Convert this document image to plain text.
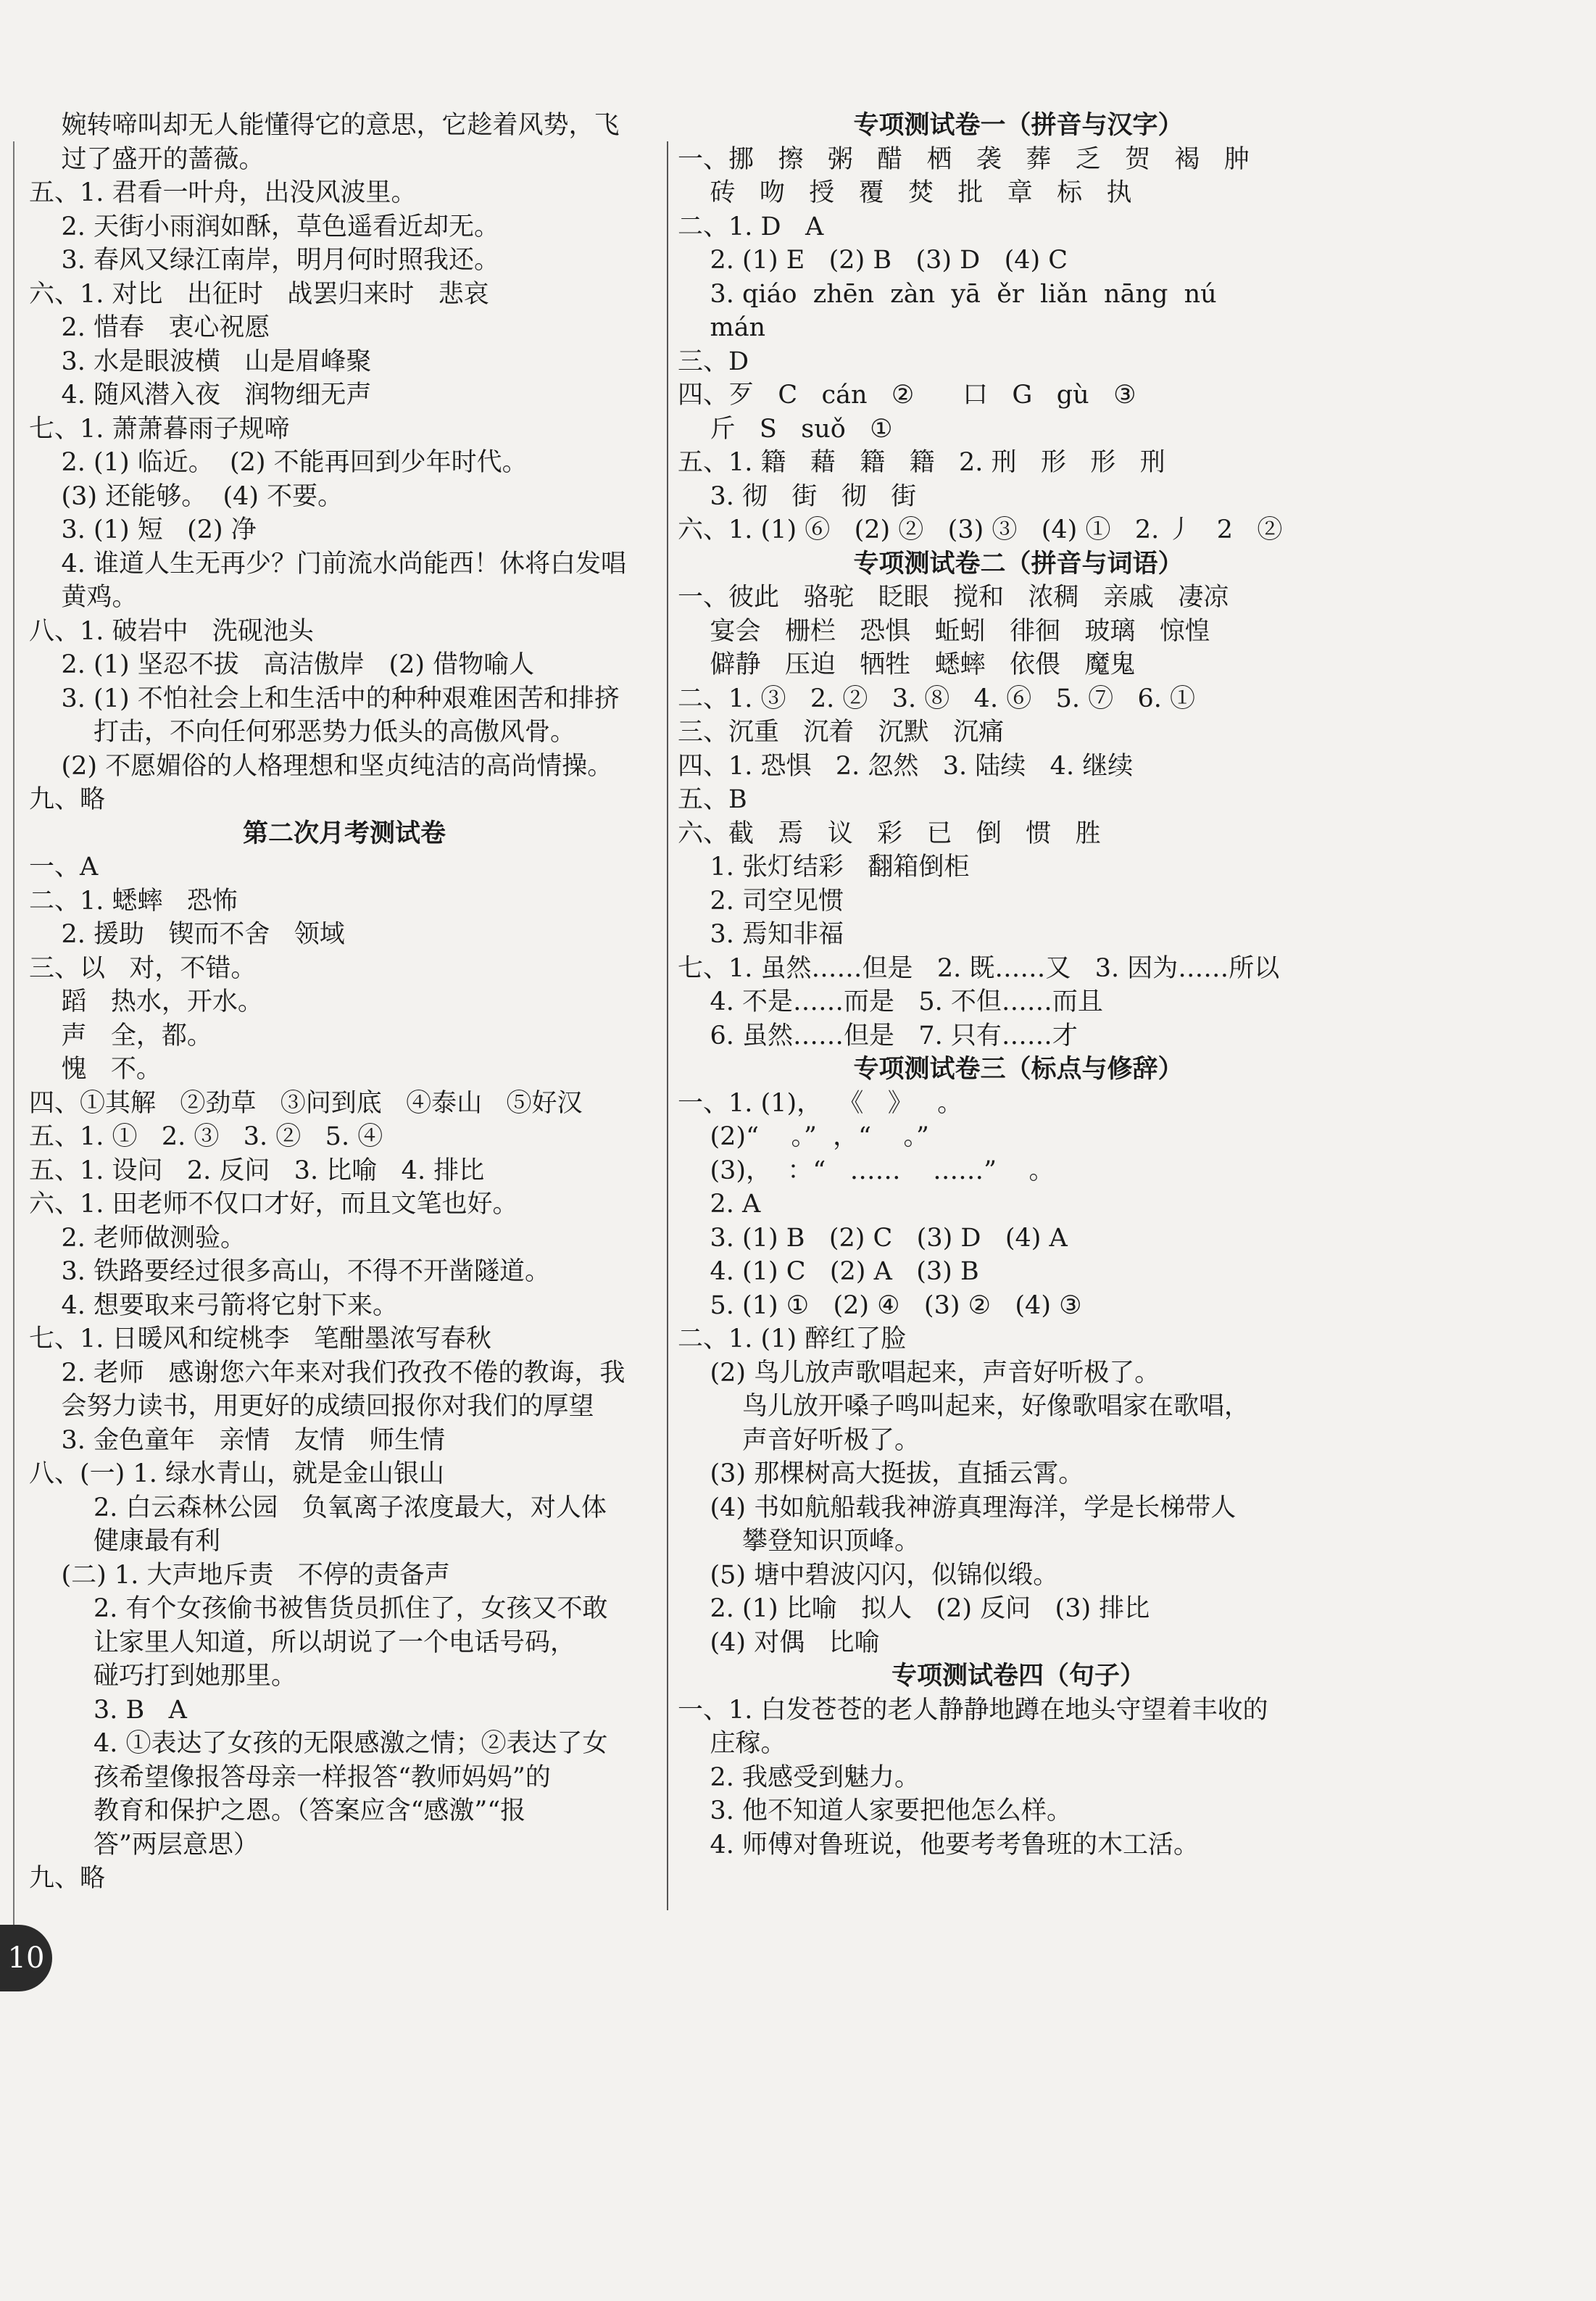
婉转啼叫却无人能懂得它的意思，它趁着风势，飞
过了盛开的蔷薇。
五、1. 君看一叶舟，出没风波里。
2. 天街小雨润如酥，草色遥看近却无。
3. 春风又绿江南岸，明月何时照我还。
六、1. 对比   出征时   战罢归来时   悲哀
2. 惜春   衷心祝愿
3. 水是眼波横   山是眉峰聚
4. 随风潜入夜   润物细无声
七、1. 萧萧暮雨子规啼
2. (1) 临近。  (2) 不能再回到少年时代。
(3) 还能够。  (4) 不要。
3. (1) 短   (2) 净
4. 谁道人生无再少？门前流水尚能西！休将白发唱
黄鸡。
八、1. 破岩中   洗砚池头
2. (1) 坚忍不拔   高洁傲岸   (2) 借物喻人
3. (1) 不怕社会上和生活中的种种艰难困苦和排挤
打击，不向任何邪恶势力低头的高傲风骨。
(2) 不愿媚俗的人格理想和坚贞纯洁的高尚情操。
九、略
第二次月考测试卷
一、A
二、1. 蟋蟀   恐怖
2. 援助   锲而不舍   领域
三、以   对，不错。
蹈   热水，开水。
声   全，都。
愧   不。
四、①其解   ②劲草   ③问到底   ④泰山   ⑤好汉
五、1. ①   2. ③   3. ②   5. ④
五、1. 设问   2. 反问   3. 比喻   4. 排比
六、1. 田老师不仅口才好，而且文笔也好。
2. 老师做测验。
3. 铁路要经过很多高山，不得不开凿隧道。
4. 想要取来弓箭将它射下来。
七、1. 日暖风和绽桃李   笔酣墨浓写春秋
2. 老师   感谢您六年来对我们孜孜不倦的教诲，我
会努力读书，用更好的成绩回报你对我们的厚望
3. 金色童年   亲情   友情   师生情
八、(一) 1. 绿水青山，就是金山银山
2. 白云森林公园   负氧离子浓度最大，对人体
健康最有利
(二) 1. 大声地斥责   不停的责备声
2. 有个女孩偷书被售货员抓住了，女孩又不敢
让家里人知道，所以胡说了一个电话号码，
碰巧打到她那里。
3. B   A
4. ①表达了女孩的无限感激之情；②表达了女
孩希望像报答母亲一样报答“教师妈妈”的
教育和保护之恩。（答案应含“感激”“报
答”两层意思）
九、略
专项测试卷一（拼音与汉字）
一、挪   擦   粥   醋   栖   袭   葬   乏   贺   褐   肿
砖   吻   授   覆   焚   批   章   标   执
二、1. D   A
2. (1) E   (2) B   (3) D   (4) C
3. qiáo  zhēn  zàn  yā  ěr  liǎn  nāng  nú
mán
三、D
四、歹   C   cán   ②      口   G   gù   ③
斤   S   suǒ   ①
五、1. 籍   藉   籍   籍   2. 刑   形   形   刑
3. 彻   街   彻   街
六、1. (1) ⑥   (2) ②   (3) ③   (4) ①   2. 丿   2   ②
专项测试卷二（拼音与词语）
一、彼此   骆驼   眨眼   搅和   浓稠   亲戚   凄凉
宴会   栅栏   恐惧   蚯蚓   徘徊   玻璃   惊惶
僻静   压迫   牺牲   蟋蟀   依偎   魔鬼
二、1. ③   2. ②   3. ⑧   4. ⑥   5. ⑦   6. ①
三、沉重   沉着   沉默   沉痛
四、1. 恐惧   2. 忽然   3. 陆续   4. 继续
五、B
六、截   焉   议   彩   已   倒   惯   胜
1. 张灯结彩   翻箱倒柜
2. 司空见惯
3. 焉知非福
七、1. 虽然……但是   2. 既……又   3. 因为……所以
4. 不是……而是   5. 不但……而且
6. 虽然……但是   7. 只有……才
专项测试卷三（标点与修辞）
一、1. (1)，  《   》   。
(2)“    。”  ，“    。”
(3)，  ：“   ……    ……”    。
2. A
3. (1) B   (2) C   (3) D   (4) A
4. (1) C   (2) A   (3) B
5. (1) ①   (2) ④   (3) ②   (4) ③
二、1. (1) 醉红了脸
(2) 鸟儿放声歌唱起来，声音好听极了。
鸟儿放开嗓子鸣叫起来，好像歌唱家在歌唱，
声音好听极了。
(3) 那棵树高大挺拔，直插云霄。
(4) 书如航船载我神游真理海洋，学是长梯带人
攀登知识顶峰。
(5) 塘中碧波闪闪，似锦似缎。
2. (1) 比喻   拟人   (2) 反问   (3) 排比
(4) 对偶   比喻
专项测试卷四（句子）
一、1. 白发苍苍的老人静静地蹲在地头守望着丰收的
庄稼。
2. 我感受到魅力。
3. 他不知道人家要把他怎么样。
4. 师傅对鲁班说，他要考考鲁班的木工活。
10
